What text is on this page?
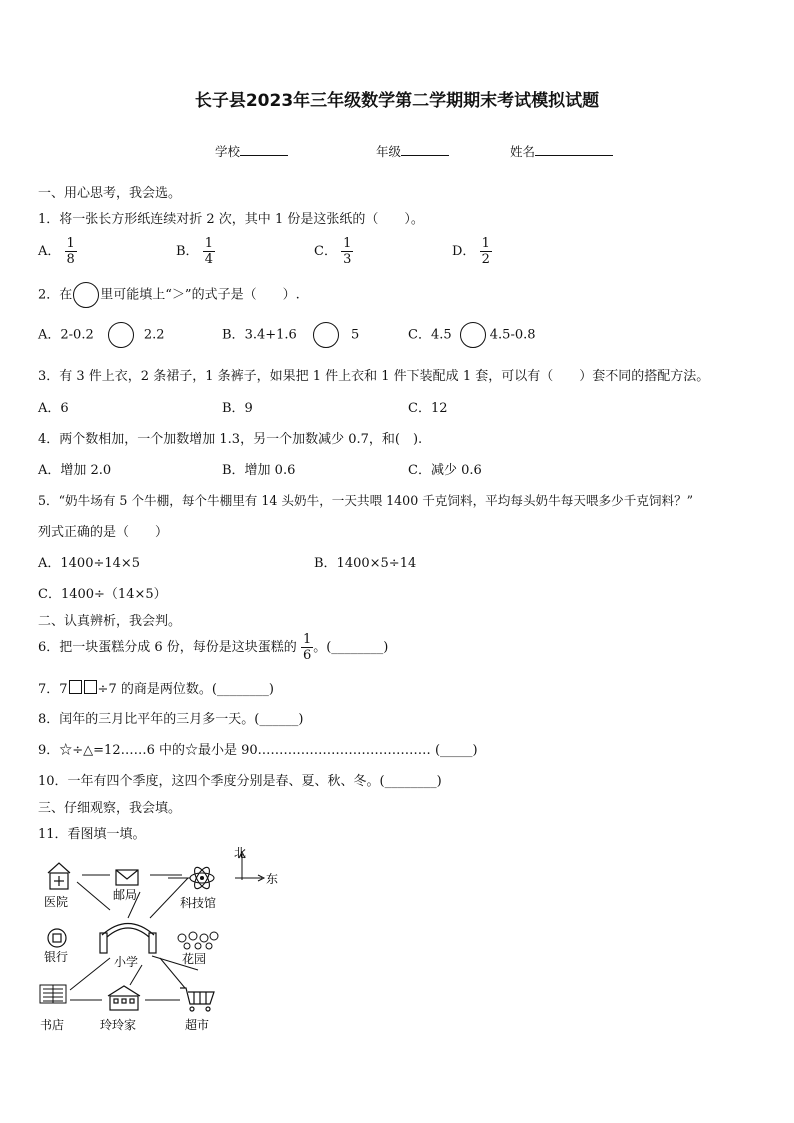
长子县2023年三年级数学第二学期期末考试模拟试题
学校	年级	姓名
一、用心思考，我会选。
1．将一张长方形纸连续对折 2 次，其中 1 份是这张纸的（　　）。
A． $\frac{1}{8}$	B． $\frac{1}{4}$	C． $\frac{1}{3}$	D． $\frac{1}{2}$
2．在 里可能填上“＞”的式子是（　　）.
A．2-0.2	2.2	B．3.4+1.6	5	C．4.5	4.5-0.8
3．有 3 件上衣，2 条裙子，1 条裤子，如果把 1 件上衣和 1 件下装配成 1 套，可以有（　　）套不同的搭配方法。
A．6	B．9	C．12
4．两个数相加，一个加数增加 1.3，另一个加数减少 0.7，和(　).
A．增加 2.0	B．增加 0.6	C．减少 0.6
5．“奶牛场有 5 个牛棚，每个牛棚里有 14 头奶牛，一天共喂 1400 千克饲料，平均每头奶牛每天喂多少千克饲料？”
列式正确的是（　　）
A．1400÷14×5	B．1400×5÷14
C．1400÷（14×5）
二、认真辨析，我会判。
6．把一块蛋糕分成 6 份，每份是这块蛋糕的 $\frac{1}{6}$ 。(________)
7．7 ÷7 的商是两位数。(________)
8．闰年的三月比平年的三月多一天。(______)
9．☆÷△=12……6 中的☆最小是 90.………………………………… (_____)
10．一年有四个季度，这四个季度分别是春、夏、秋、冬。(________)
三、仔细观察，我会填。
11．看图填一填。
小学
医院	邮局
科技馆
北
东
银行	花园
书店	玲玲家	超市
